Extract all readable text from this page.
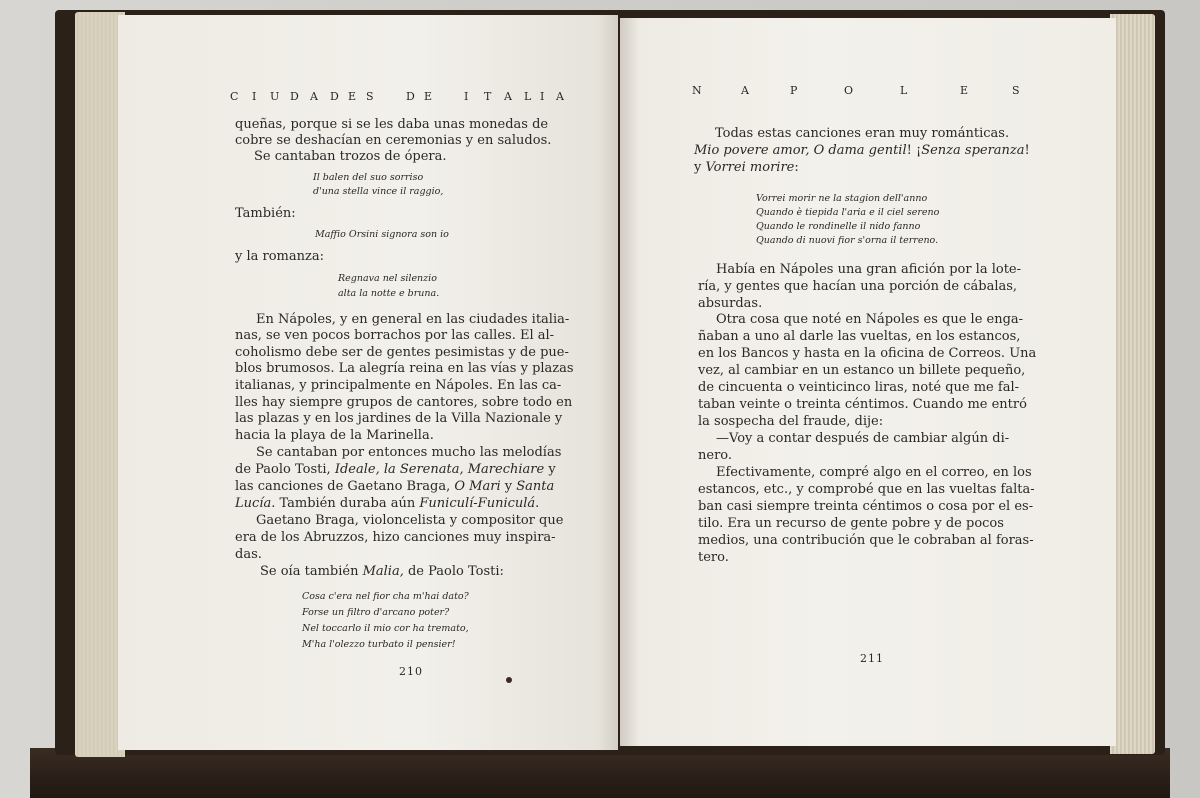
C I U D A D E S	D E	I T A L I A
queñas, porque si se les daba unas monedas de
cobre se deshacían en ceremonias y en saludos.
Se cantaban trozos de ópera.
Il balen del suo sorriso
d'una stella vince il raggio,
También:
Maffio Orsini signora son io
y la romanza:
Regnava nel silenzio
alta la notte e bruna.
En Nápoles, y en general en las ciudades italia-
nas, se ven pocos borrachos por las calles. El al-
coholismo debe ser de gentes pesimistas y de pue-
blos brumosos. La alegría reina en las vías y plazas
italianas, y principalmente en Nápoles. En las ca-
lles hay siempre grupos de cantores, sobre todo en
las plazas y en los jardines de la Villa Nazionale y
hacia la playa de la Marinella.
Se cantaban por entonces mucho las melodías
de Paolo Tosti, Ideale, la Serenata, Marechiare y
las canciones de Gaetano Braga, O Mari y Santa
Lucía. También duraba aún Funiculí-Funiculá.
Gaetano Braga, violoncelista y compositor que
era de los Abruzzos, hizo canciones muy inspira-
das.
Se oía también Malia, de Paolo Tosti:
Cosa c'era nel fior cha m'hai dato?
Forse un filtro d'arcano poter?
Nel toccarlo il mio cor ha tremato,
M'ha l'olezzo turbato il pensier!
210
N	A	P	O	L	E	S
Todas estas canciones eran muy románticas.
Mio povere amor, O dama gentil! ¡Senza speranza!
y Vorrei morire:
Vorrei morir ne la stagion dell'anno
Quando è tiepida l'aria e il ciel sereno
Quando le rondinelle il nido fanno
Quando di nuovi fior s'orna il terreno.
Había en Nápoles una gran afición por la lote-
ría, y gentes que hacían una porción de cábalas,
absurdas.
Otra cosa que noté en Nápoles es que le enga-
ñaban a uno al darle las vueltas, en los estancos,
en los Bancos y hasta en la oficina de Correos. Una
vez, al cambiar en un estanco un billete pequeño,
de cincuenta o veinticinco liras, noté que me fal-
taban veinte o treinta céntimos. Cuando me entró
la sospecha del fraude, dije:
—Voy a contar después de cambiar algún di-
nero.
Efectivamente, compré algo en el correo, en los
estancos, etc., y comprobé que en las vueltas falta-
ban casi siempre treinta céntimos o cosa por el es-
tilo. Era un recurso de gente pobre y de pocos
medios, una contribución que le cobraban al foras-
tero.
211
